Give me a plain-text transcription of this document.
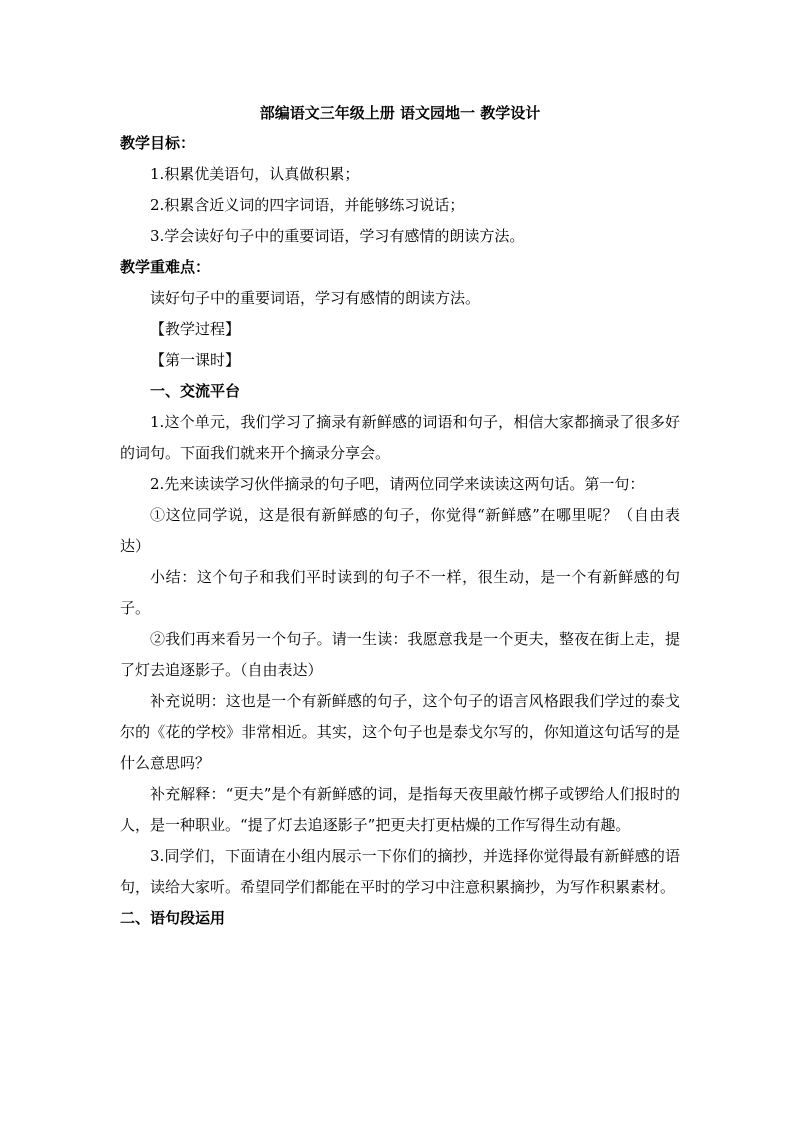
部编语文三年级上册 语文园地一 教学设计

教学目标：

1.积累优美语句，认真做积累；

2.积累含近义词的四字词语，并能够练习说话；

3.学会读好句子中的重要词语，学习有感情的朗读方法。

教学重难点：

读好句子中的重要词语，学习有感情的朗读方法。

【教学过程】

【第一课时】

一、交流平台

1.这个单元，我们学习了摘录有新鲜感的词语和句子，相信大家都摘录了很多好的词句。下面我们就来开个摘录分享会。

2.先来读读学习伙伴摘录的句子吧，请两位同学来读读这两句话。第一句：

①这位同学说，这是很有新鲜感的句子，你觉得“新鲜感”在哪里呢？（自由表达）

小结：这个句子和我们平时读到的句子不一样，很生动，是一个有新鲜感的句子。

②我们再来看另一个句子。请一生读：我愿意我是一个更夫，整夜在街上走，提了灯去追逐影子。（自由表达）

补充说明：这也是一个有新鲜感的句子，这个句子的语言风格跟我们学过的泰戈尔的《花的学校》非常相近。其实，这个句子也是泰戈尔写的，你知道这句话写的是什么意思吗？

补充解释：“更夫”是个有新鲜感的词，是指每天夜里敲竹梆子或锣给人们报时的人，是一种职业。“提了灯去追逐影子”把更夫打更枯燥的工作写得生动有趣。

3.同学们，下面请在小组内展示一下你们的摘抄，并选择你觉得最有新鲜感的语句，读给大家听。希望同学们都能在平时的学习中注意积累摘抄，为写作积累素材。

二、语句段运用
